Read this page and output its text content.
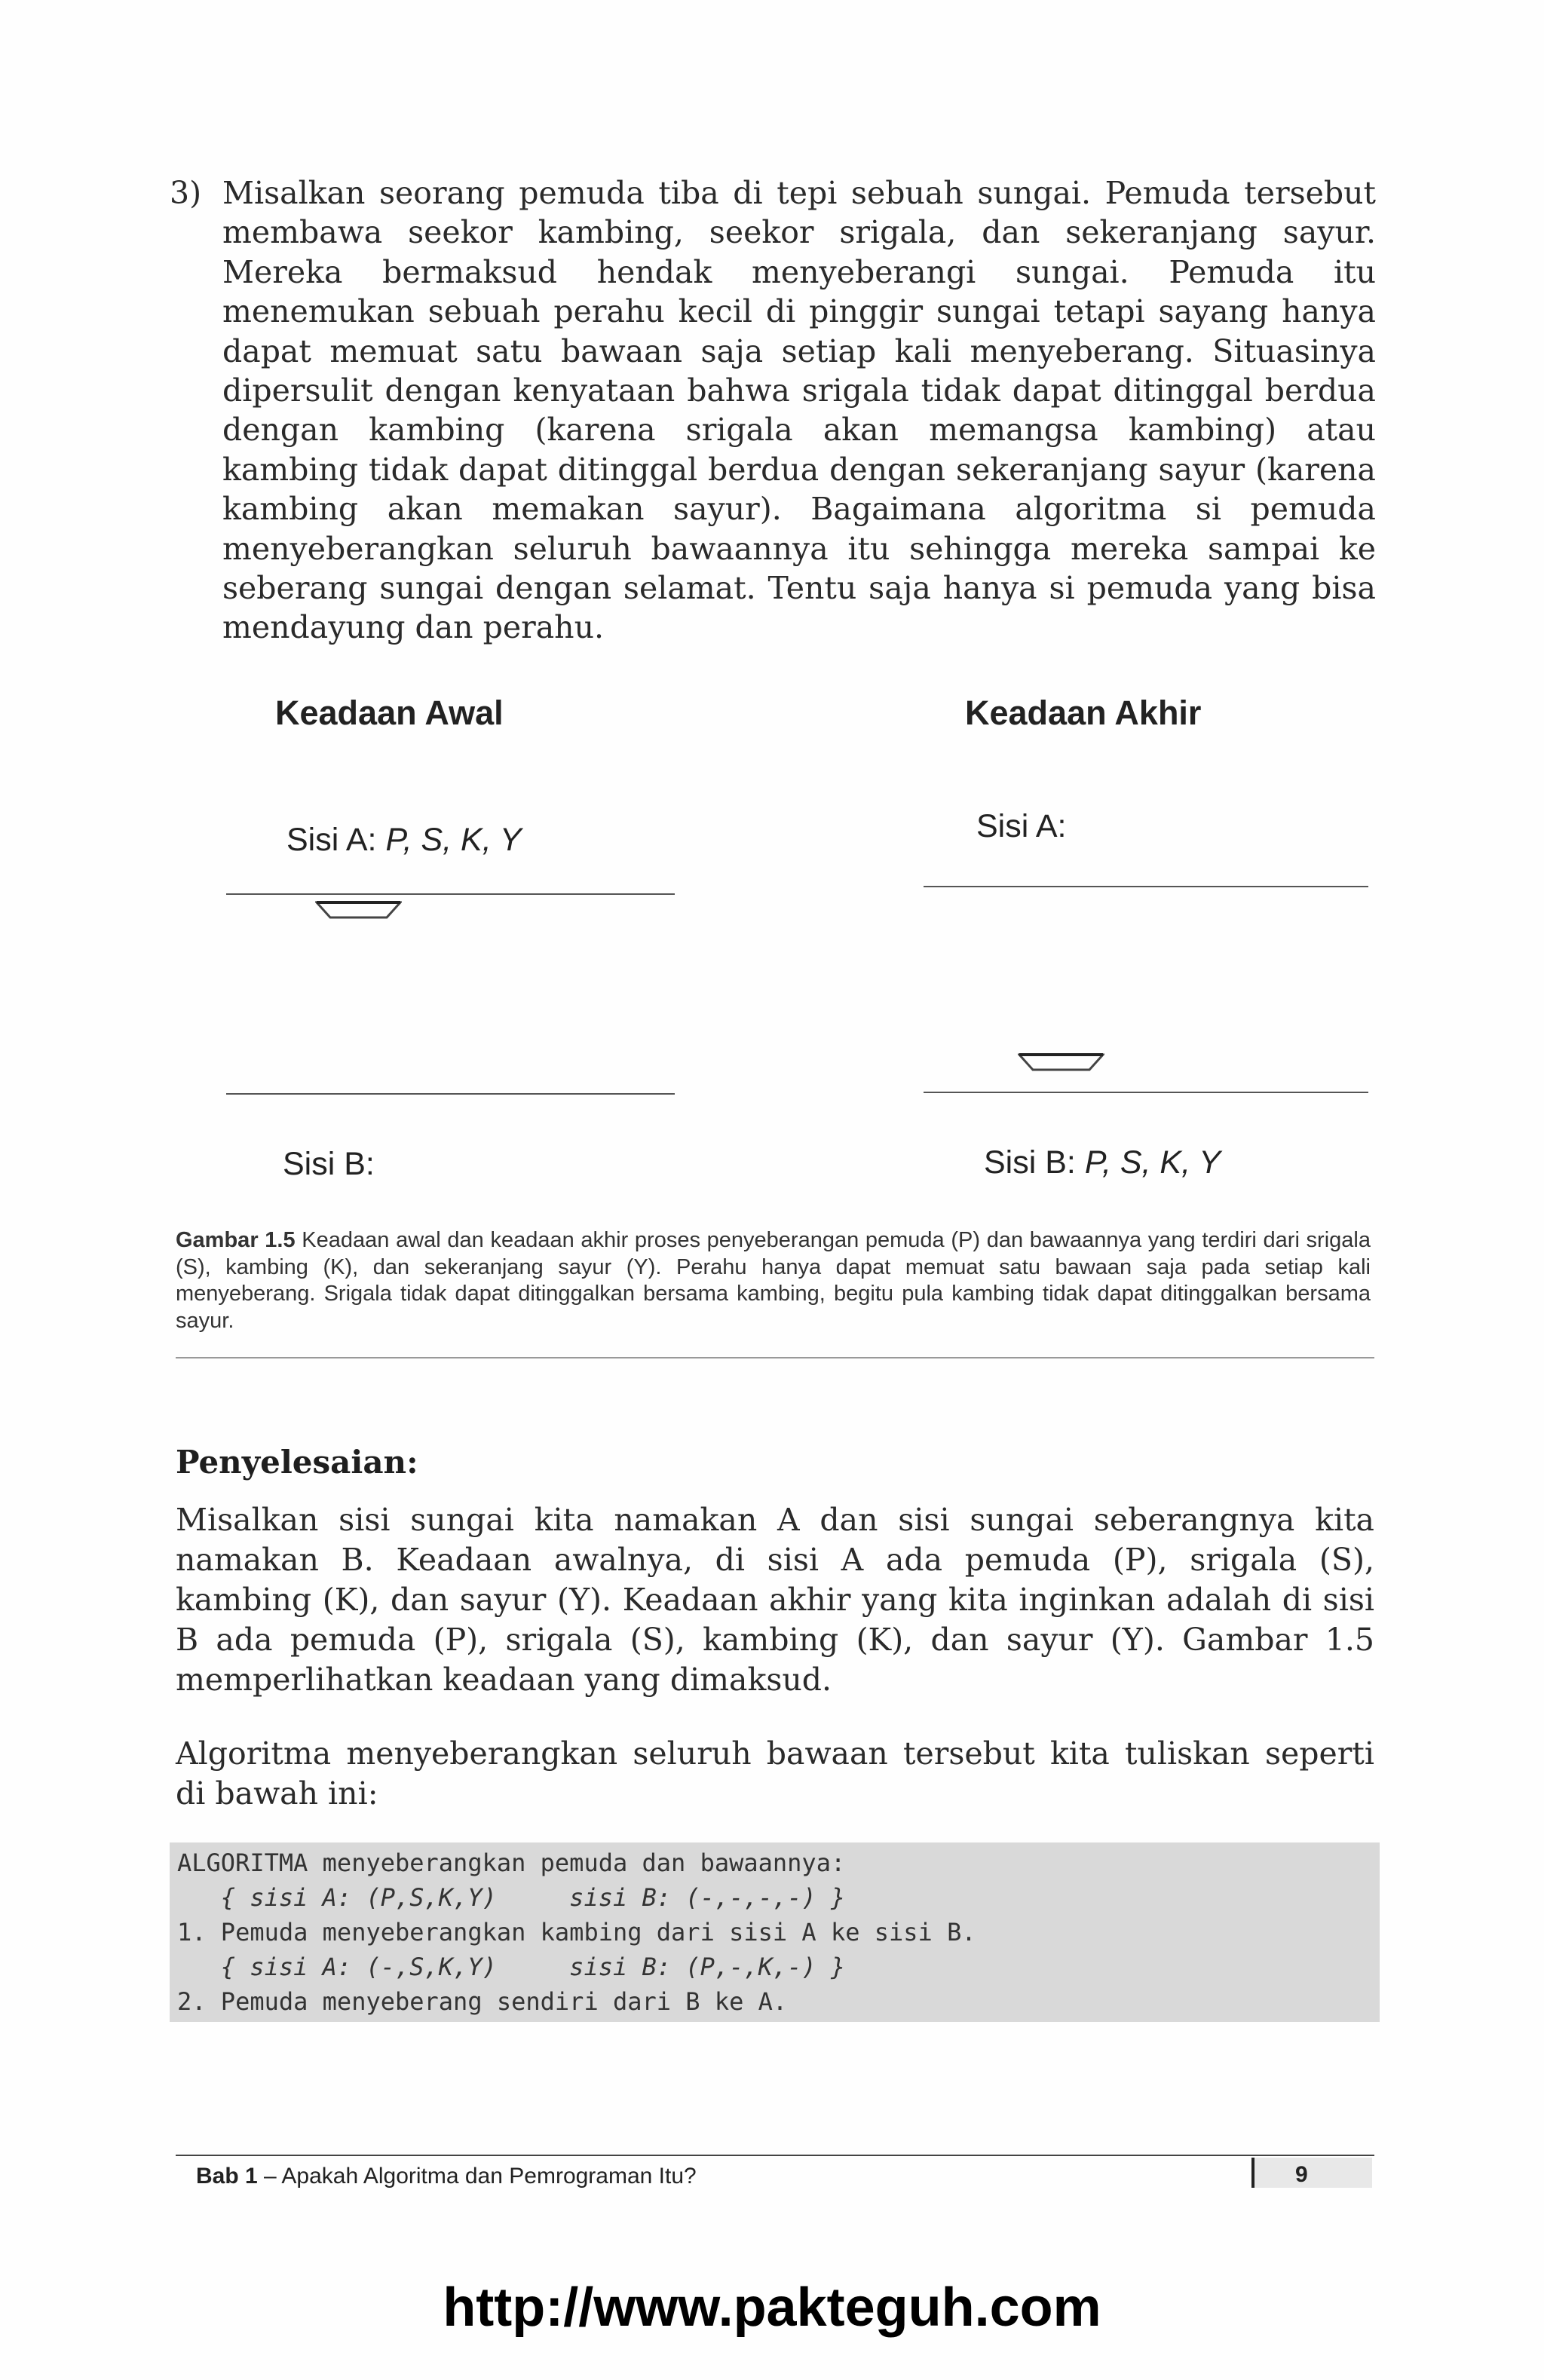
3) Misalkan seorang pemuda tiba di tepi sebuah sungai. Pemuda tersebut membawa seekor kambing, seekor srigala, dan sekeranjang sayur. Mereka bermaksud hendak menyeberangi sungai. Pemuda itu menemukan sebuah perahu kecil di pinggir sungai tetapi sayang hanya dapat memuat satu bawaan saja setiap kali menyeberang. Situasinya dipersulit dengan kenyataan bahwa srigala tidak dapat ditinggal berdua dengan kambing (karena srigala akan memangsa kambing) atau kambing tidak dapat ditinggal berdua dengan sekeranjang sayur (karena kambing akan memakan sayur). Bagaimana algoritma si pemuda menyeberangkan seluruh bawaannya itu sehingga mereka sampai ke seberang sungai dengan selamat. Tentu saja hanya si pemuda yang bisa mendayung dan perahu.

Keadaan Awal
Sisi A: P, S, K, Y
Sisi B:
Keadaan Akhir
Sisi A:
Sisi B: P, S, K, Y
Gambar 1.5 Keadaan awal dan keadaan akhir proses penyeberangan pemuda (P) dan bawaannya yang terdiri dari srigala (S), kambing (K), dan sekeranjang sayur (Y). Perahu hanya dapat memuat satu bawaan saja pada setiap kali menyeberang. Srigala tidak dapat ditinggalkan bersama kambing, begitu pula kambing tidak dapat ditinggalkan bersama sayur.
Penyelesaian:

Misalkan sisi sungai kita namakan A dan sisi sungai seberangnya kita namakan B. Keadaan awalnya, di sisi A ada pemuda (P), srigala (S), kambing (K), dan sayur (Y). Keadaan akhir yang kita inginkan adalah di sisi B ada pemuda (P), srigala (S), kambing (K), dan sayur (Y). Gambar 1.5 memperlihatkan keadaan yang dimaksud.

Algoritma menyeberangkan seluruh bawaan tersebut kita tuliskan seperti di bawah ini:

ALGORITMA menyeberangkan pemuda dan bawaannya:
{ sisi A: (P,S,K,Y)     sisi B: (-,-,-,-) }
1. Pemuda menyeberangkan kambing dari sisi A ke sisi B.
{ sisi A: (-,S,K,Y)     sisi B: (P,-,K,-) }
2. Pemuda menyeberang sendiri dari B ke A.
Bab 1 – Apakah Algoritma dan Pemrograman Itu?	9
http://www.pakteguh.com
